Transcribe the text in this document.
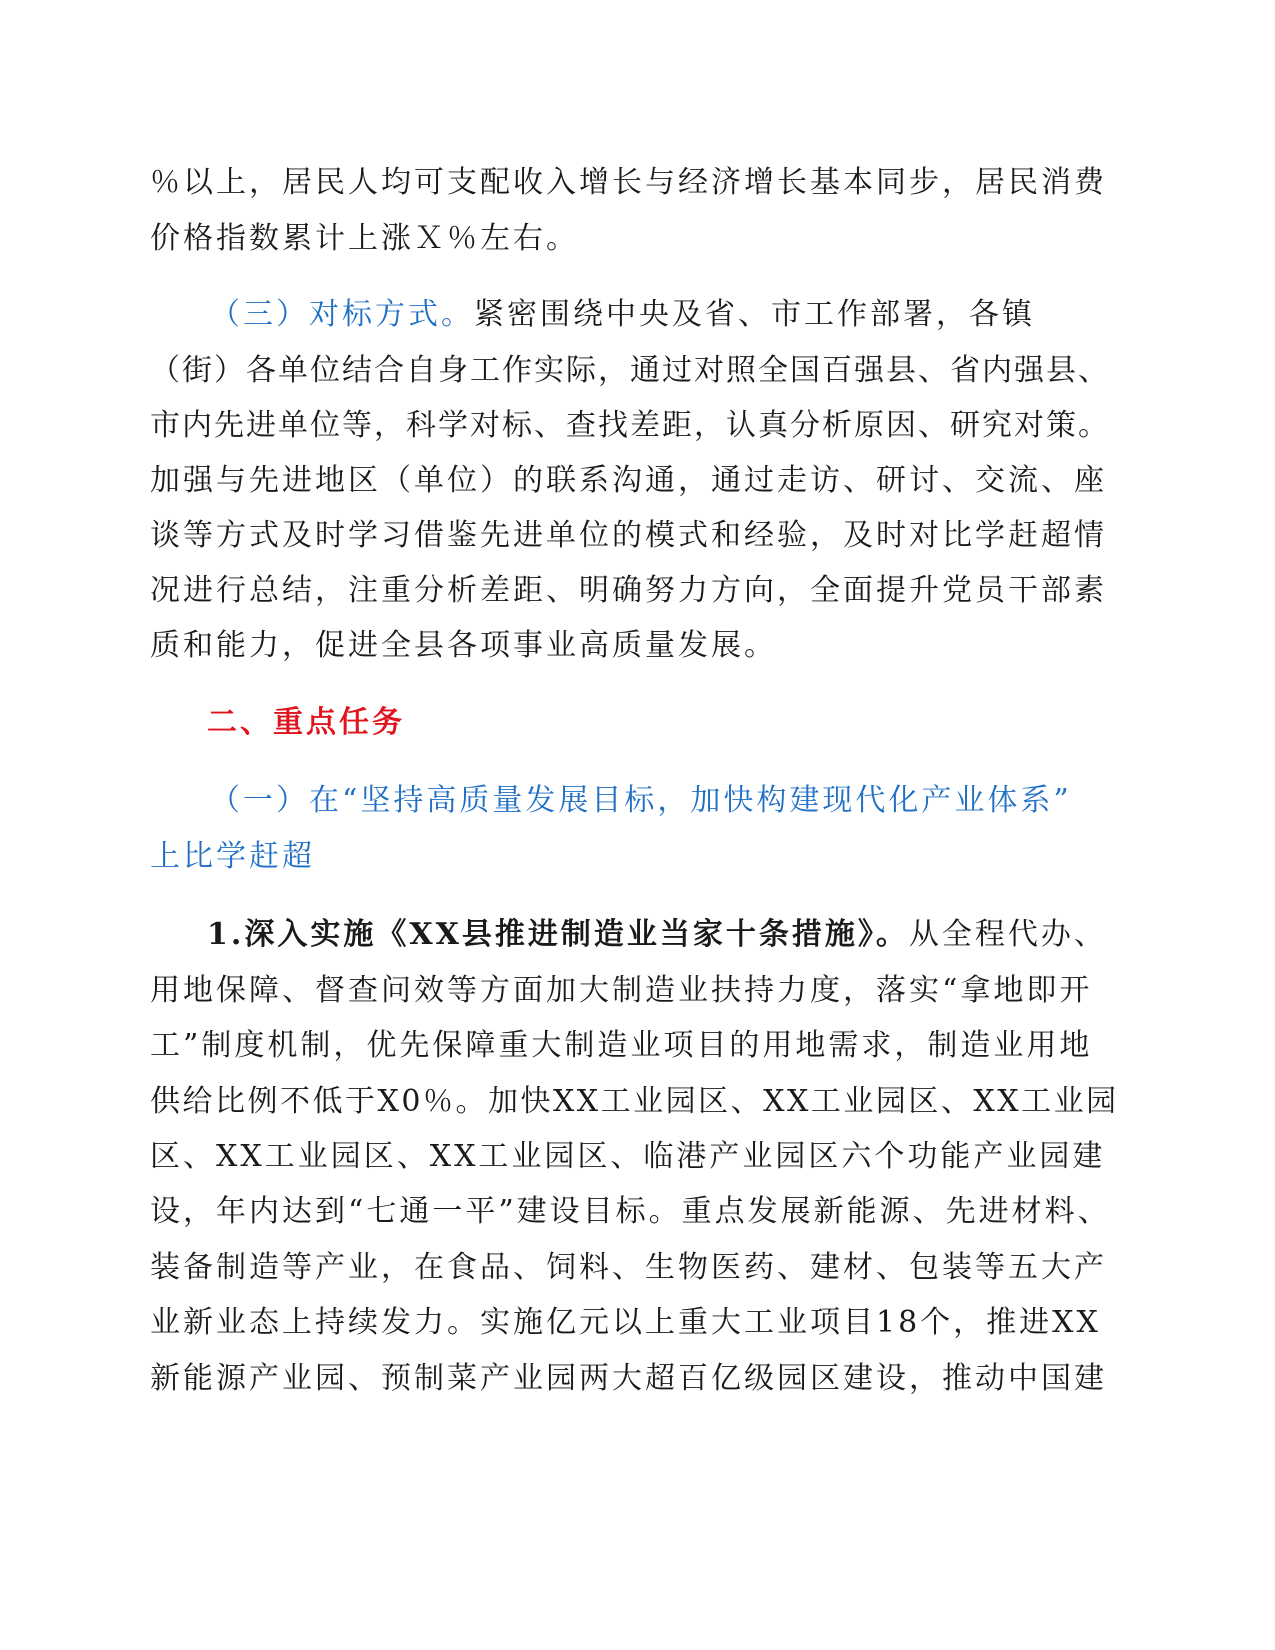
％以上，居民人均可支配收入增长与经济增长基本同步，居民消费
价格指数累计上涨Ｘ％左右。
（三）对标方式。紧密围绕中央及省、市工作部署，各镇
（街）各单位结合自身工作实际，通过对照全国百强县、省内强县、
市内先进单位等，科学对标、查找差距，认真分析原因、研究对策。
加强与先进地区（单位）的联系沟通，通过走访、研讨、交流、座
谈等方式及时学习借鉴先进单位的模式和经验，及时对比学赶超情
况进行总结，注重分析差距、明确努力方向，全面提升党员干部素
质和能力，促进全县各项事业高质量发展。
二、重点任务
（一）在“坚持高质量发展目标，加快构建现代化产业体系”
上比学赶超
1.深入实施《XX县推进制造业当家十条措施》。从全程代办、
用地保障、督查问效等方面加大制造业扶持力度，落实“拿地即开
工”制度机制，优先保障重大制造业项目的用地需求，制造业用地
供给比例不低于X0％。加快XX工业园区、XX工业园区、XX工业园
区、XX工业园区、XX工业园区、临港产业园区六个功能产业园建
设，年内达到“七通一平”建设目标。重点发展新能源、先进材料、
装备制造等产业，在食品、饲料、生物医药、建材、包装等五大产
业新业态上持续发力。实施亿元以上重大工业项目18个，推进XX
新能源产业园、预制菜产业园两大超百亿级园区建设，推动中国建
